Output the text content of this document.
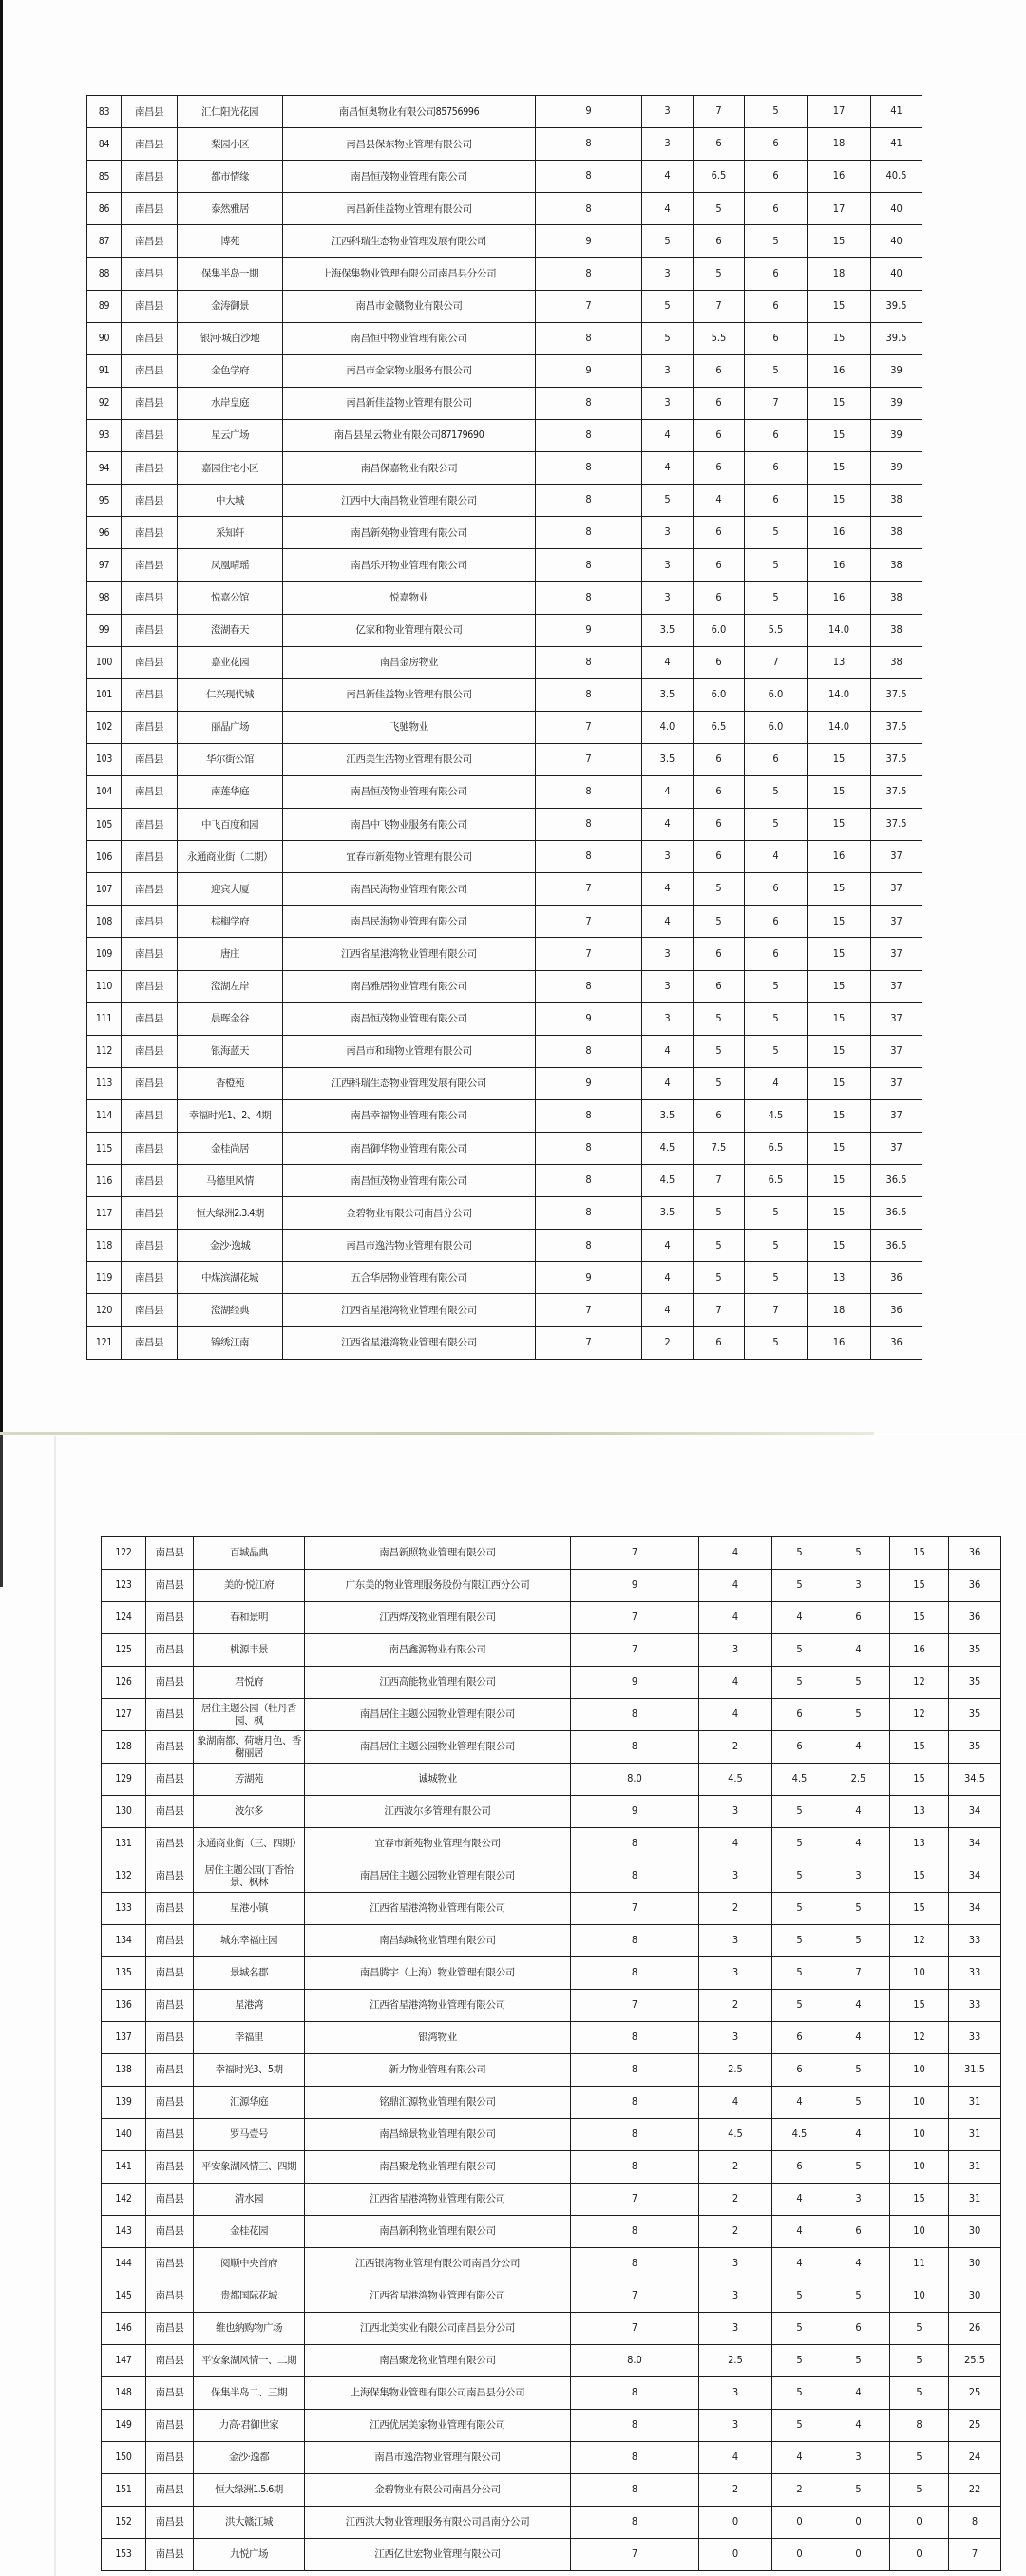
83	南昌县	汇仁阳光花园	南昌恒奥物业有限公司85756996	9	3	7	5	17	41
84	南昌县	梨园小区	南昌县保东物业管理有限公司	8	3	6	6	18	41
85	南昌县	都市情缘	南昌恒茂物业管理有限公司	8	4	6.5	6	16	40.5
86	南昌县	泰然雅居	南昌新佳益物业管理有限公司	8	4	5	6	17	40
87	南昌县	博苑	江西科瑞生态物业管理发展有限公司	9	5	6	5	15	40
88	南昌县	保集半岛一期	上海保集物业管理有限公司南昌县分公司	8	3	5	6	18	40
89	南昌县	金涛御景	南昌市金赣物业有限公司	7	5	7	6	15	39.5
90	南昌县	银河·城白沙地	南昌恒中物业管理有限公司	8	5	5.5	6	15	39.5
91	南昌县	金色学府	南昌市金家物业服务有限公司	9	3	6	5	16	39
92	南昌县	水岸皇庭	南昌新佳益物业管理有限公司	8	3	6	7	15	39
93	南昌县	星云广场	南昌县星云物业有限公司87179690	8	4	6	6	15	39
94	南昌县	嘉园住宅小区	南昌保嘉物业有限公司	8	4	6	6	15	39
95	南昌县	中大城	江西中大南昌物业管理有限公司	8	5	4	6	15	38
96	南昌县	采知轩	南昌新苑物业管理有限公司	8	3	6	5	16	38
97	南昌县	凤凰晴瑶	南昌乐开物业管理有限公司	8	3	6	5	16	38
98	南昌县	悦嘉公馆	悦嘉物业	8	3	6	5	16	38
99	南昌县	澄湖春天	亿家和物业管理有限公司	9	3.5	6.0	5.5	14.0	38
100	南昌县	嘉业花园	南昌金房物业	8	4	6	7	13	38
101	南昌县	仁兴现代城	南昌新佳益物业管理有限公司	8	3.5	6.0	6.0	14.0	37.5
102	南昌县	丽晶广场	飞驰物业	7	4.0	6.5	6.0	14.0	37.5
103	南昌县	华尔街公馆	江西美生活物业管理有限公司	7	3.5	6	6	15	37.5
104	南昌县	南莲华庭	南昌恒茂物业管理有限公司	8	4	6	5	15	37.5
105	南昌县	中飞百度和园	南昌中飞物业服务有限公司	8	4	6	5	15	37.5
106	南昌县	永通商业街（二期）	宜春市新苑物业管理有限公司	8	3	6	4	16	37
107	南昌县	迎宾大厦	南昌民海物业管理有限公司	7	4	5	6	15	37
108	南昌县	棕榈学府	南昌民海物业管理有限公司	7	4	5	6	15	37
109	南昌县	唐庄	江西省星港湾物业管理有限公司	7	3	6	6	15	37
110	南昌县	澄湖左岸	南昌雅居物业管理有限公司	8	3	6	5	15	37
111	南昌县	晨晖金谷	南昌恒茂物业管理有限公司	9	3	5	5	15	37
112	南昌县	银海蓝天	南昌市和瑞物业管理有限公司	8	4	5	5	15	37
113	南昌县	香橙苑	江西科瑞生态物业管理发展有限公司	9	4	5	4	15	37
114	南昌县	幸福时光1、2、4期	南昌幸福物业管理有限公司	8	3.5	6	4.5	15	37
115	南昌县	金桂尚居	南昌御华物业管理有限公司	8	4.5	7.5	6.5	15	37
116	南昌县	马德里风情	南昌恒茂物业管理有限公司	8	4.5	7	6.5	15	36.5
117	南昌县	恒大绿洲2.3.4期	金碧物业有限公司南昌分公司	8	3.5	5	5	15	36.5
118	南昌县	金沙·逸城	南昌市逸浩物业管理有限公司	8	4	5	5	15	36.5
119	南昌县	中煤滨湖花城	五合华居物业管理有限公司	9	4	5	5	13	36
120	南昌县	澄湖经典	江西省星港湾物业管理有限公司	7	4	7	7	18	36
121	南昌县	锦绣江南	江西省星港湾物业管理有限公司	7	2	6	5	16	36
122	南昌县	百城晶典	南昌新照物业管理有限公司	7	4	5	5	15	36
123	南昌县	美的·悦江府	广东美的物业管理服务股份有限江西分公司	9	4	5	3	15	36
124	南昌县	春和景明	江西烨茂物业管理有限公司	7	4	4	6	15	36
125	南昌县	桃源丰景	南昌鑫源物业有限公司	7	3	5	4	16	35
126	南昌县	君悦府	江西高能物业管理有限公司	9	4	5	5	12	35
127	南昌县	居住主题公园（牡丹香园、枫	南昌居住主题公园物业管理有限公司	8	4	6	5	12	35
128	南昌县	象湖南都、荷塘月色、香榭丽居	南昌居住主题公园物业管理有限公司	8	2	6	4	15	35
129	南昌县	芳湖苑	诚城物业	8.0	4.5	4.5	2.5	15	34.5
130	南昌县	波尔多	江西波尔多管理有限公司	9	3	5	4	13	34
131	南昌县	永通商业街（三、四期）	宜春市新苑物业管理有限公司	8	4	5	4	13	34
132	南昌县	居住主题公园(丁香怡景、枫林	南昌居住主题公园物业管理有限公司	8	3	5	3	15	34
133	南昌县	星港小镇	江西省星港湾物业管理有限公司	7	2	5	5	15	34
134	南昌县	城东幸福庄园	南昌绿城物业管理有限公司	8	3	5	5	12	33
135	南昌县	景城名郡	南昌腾宇（上海）物业管理有限公司	8	3	5	7	10	33
136	南昌县	星港湾	江西省星港湾物业管理有限公司	7	2	5	4	15	33
137	南昌县	幸福里	银湾物业	8	3	6	4	12	33
138	南昌县	幸福时光3、5期	新力物业管理有限公司	8	2.5	6	5	10	31.5
139	南昌县	汇源华庭	铭鼎汇源物业管理有限公司	8	4	4	5	10	31
140	南昌县	罗马壹号	南昌缔景物业管理有限公司	8	4.5	4.5	4	10	31
141	南昌县	平安象湖风情三、四期	南昌聚龙物业管理有限公司	8	2	6	5	10	31
142	南昌县	清水园	江西省星港湾物业管理有限公司	7	2	4	3	15	31
143	南昌县	金桂花园	南昌新利物业管理有限公司	8	2	4	6	10	30
144	南昌县	阅顺中央首府	江西银湾物业管理有限公司南昌分公司	8	3	4	4	11	30
145	南昌县	贵都国际花城	江西省星港湾物业管理有限公司	7	3	5	5	10	30
146	南昌县	维也纳购物广场	江西北美实业有限公司南昌县分公司	7	3	5	6	5	26
147	南昌县	平安象湖风情一、二期	南昌聚龙物业管理有限公司	8.0	2.5	5	5	5	25.5
148	南昌县	保集半岛二、三期	上海保集物业管理有限公司南昌县分公司	8	3	5	4	5	25
149	南昌县	力高·君御世家	江西优居美家物业管理有限公司	8	3	5	4	8	25
150	南昌县	金沙·逸都	南昌市逸浩物业管理有限公司	8	4	4	3	5	24
151	南昌县	恒大绿洲1.5.6期	金碧物业有限公司南昌分公司	8	2	2	5	5	22
152	南昌县	洪大赣江城	江西洪大物业管理服务有限公司昌南分公司	8	0	0	0	0	8
153	南昌县	九悦广场	江西亿世宏物业管理有限公司	7	0	0	0	0	7
